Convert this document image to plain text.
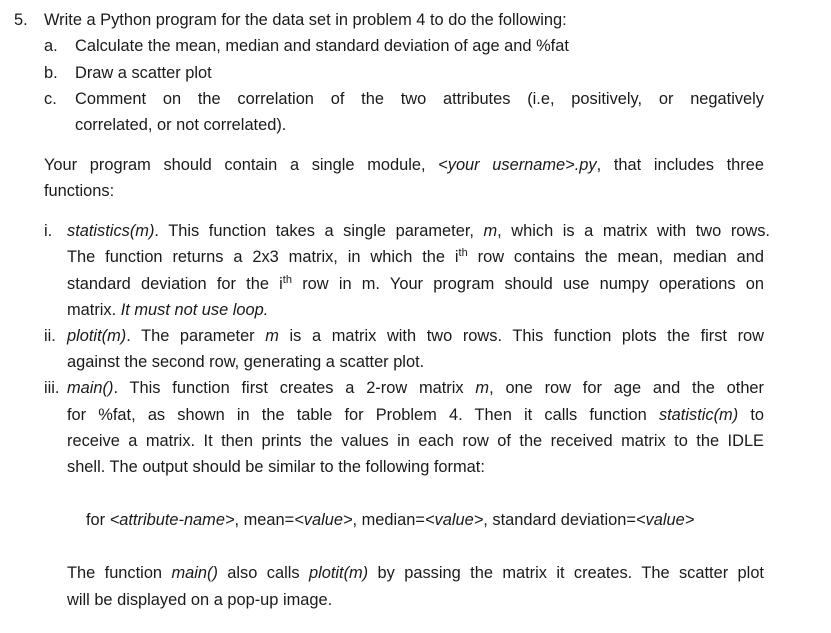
5. Write a Python program for the data set in problem 4 to do the following:
a. Calculate the mean, median and standard deviation of age and %fat
b. Draw a scatter plot
c. Comment on the correlation of the two attributes (i.e, positively, or negatively
correlated, or not correlated).
Your program should contain a single module, <your username>.py, that includes three
functions:
i. statistics(m). This function takes a single parameter, m, which is a matrix with two rows.
The function returns a 2x3 matrix, in which the $i^{th}$ row contains the mean, median and
standard deviation for the $i^{th}$ row in m. Your program should use numpy operations on
matrix. It must not use loop.
ii. plotit(m). The parameter m is a matrix with two rows. This function plots the first row
against the second row, generating a scatter plot.
iii. main(). This function first creates a 2-row matrix m, one row for age and the other
for %fat, as shown in the table for Problem 4. Then it calls function statistic(m) to
receive a matrix. It then prints the values in each row of the received matrix to the IDLE
shell. The output should be similar to the following format:
for <attribute-name>, mean=<value>, median=<value>, standard deviation=<value>
The function main() also calls plotit(m) by passing the matrix it creates. The scatter plot
will be displayed on a pop-up image.
